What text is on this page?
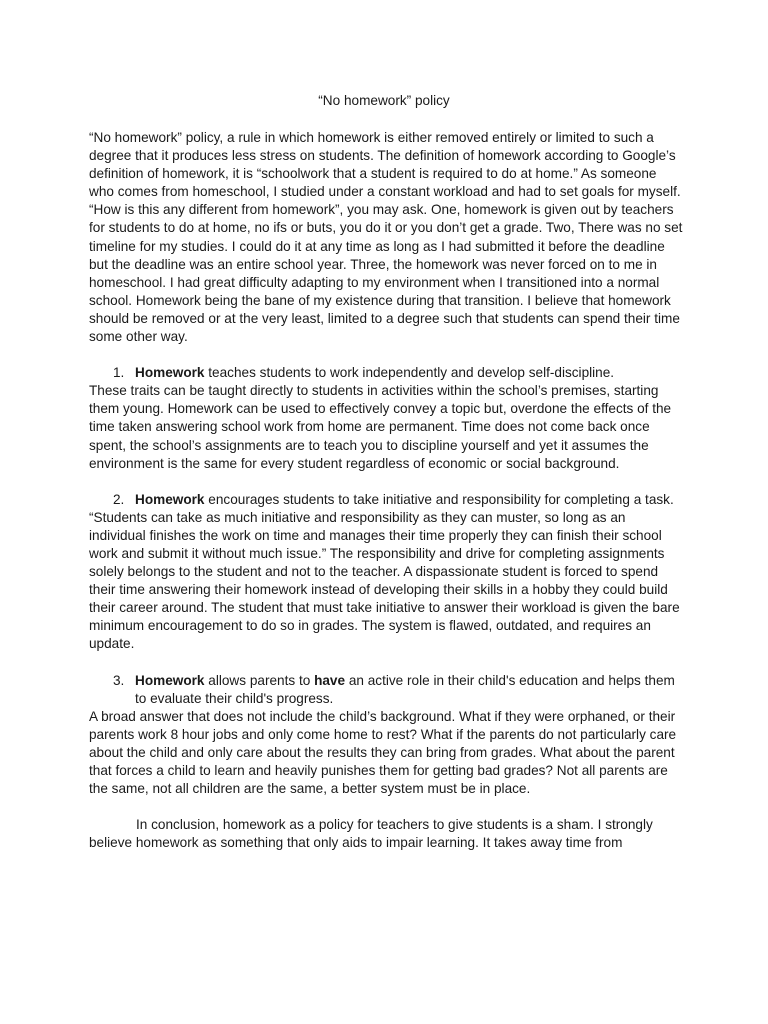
“No homework” policy

“No homework” policy, a rule in which homework is either removed entirely or limited to such a degree that it produces less stress on students. The definition of homework according to Google’s definition of homework, it is “schoolwork that a student is required to do at home.” As someone who comes from homeschool, I studied under a constant workload and had to set goals for myself. “How is this any different from homework”, you may ask. One, homework is given out by teachers for students to do at home, no ifs or buts, you do it or you don’t get a grade. Two, There was no set timeline for my studies. I could do it at any time as long as I had submitted it before the deadline but the deadline was an entire school year. Three, the homework was never forced on to me in homeschool. I had great difficulty adapting to my environment when I transitioned into a normal school. Homework being the bane of my existence during that transition. I believe that homework should be removed or at the very least, limited to a degree such that students can spend their time some other way.

1. Homework teaches students to work independently and develop self-discipline.

These traits can be taught directly to students in activities within the school’s premises, starting them young. Homework can be used to effectively convey a topic but, overdone the effects of the time taken answering school work from home are permanent. Time does not come back once spent, the school’s assignments are to teach you to discipline yourself and yet it assumes the environment is the same for every student regardless of economic or social background.

2. Homework encourages students to take initiative and responsibility for completing a task.

“Students can take as much initiative and responsibility as they can muster, so long as an individual finishes the work on time and manages their time properly they can finish their school work and submit it without much issue.” The responsibility and drive for completing assignments solely belongs to the student and not to the teacher. A dispassionate student is forced to spend their time answering their homework instead of developing their skills in a hobby they could build their career around. The student that must take initiative to answer their workload is given the bare minimum encouragement to do so in grades. The system is flawed, outdated, and requires an update.

3. Homework allows parents to have an active role in their child's education and helps them to evaluate their child's progress.

A broad answer that does not include the child’s background. What if they were orphaned, or their parents work 8 hour jobs and only come home to rest? What if the parents do not particularly care about the child and only care about the results they can bring from grades. What about the parent that forces a child to learn and heavily punishes them for getting bad grades? Not all parents are the same, not all children are the same, a better system must be in place.

In conclusion, homework as a policy for teachers to give students is a sham. I strongly believe homework as something that only aids to impair learning. It takes away time from
